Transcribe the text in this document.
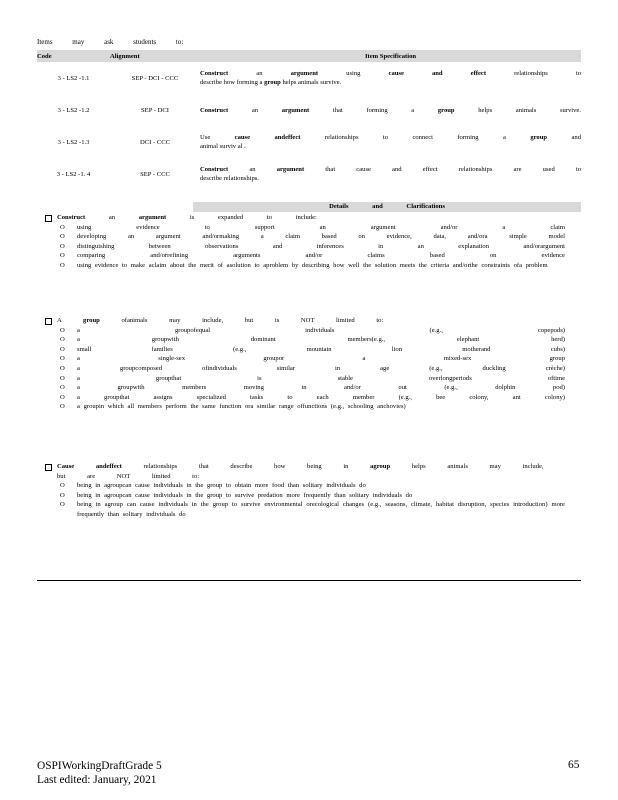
Items may ask students to:
Code	Alignment	Item Specification
3 - LS2 -1.1	SEP - DCI - CCC	Construct an argument using cause and effect relationships to
describe how forming a group helps animals survive.
3 - LS2 -1.2	SEP - DCI	Construct an argument that forming a group helps animals survive.

3 - LS2 -1.3	DCI - CCC	Use cause andeffect relationships to connect forming a group and
animal surviv al .
3 - LS2 -1. 4	SEP - CCC	Construct an argument that cause and effect relationships are used to
describe relationships.
Details and Clarifications
Construct an argument is expanded to include:
O using evidence to support an argument and/or a claim
O developing an argument and/ormaking a claim based on evidence, data, and/ora simple model
O distinguishing between observations and inferences in an explanation and/orargument
O comparing and/orrefining arguments and/or claims based on evidence
O using evidence to make aclaim about the merit of asolution to aproblem by describing how well the solution meets the criteria and/orthe constraints ofa problem
A group ofanimals may include, but is NOT limited to:
O a groupofequal individuals (e.g., copepods)
O a groupwith dominant members(e.g., elephant herd)
O small families (e.g., mountain lion motherand cubs)
O a single-sex groupor a mixed-sex group
O a groupcomposed ofindividuals similar in age (e.g., duckling crèche)
O a groupthat is stable overlongperiods oftime
O a groupwith members moving in and/or out (e.g., dolphin pod)
O a groupthat assigns specialized tasks to each member (e.g., bee colony, ant colony)
O a groupin which all members perform the same function ora similar range offunctions (e.g., schooling anchovies)
Cause andeffect relationships that describe how being in agroup helps animals may include, but are NOT limited to:
O being in agroupcan cause individuals in the group to obtain more food than solitary individuals do
O being in agroupcan cause individuals in the group to survive predation more frequently than solitary individuals do
O being in agroup can cause individuals in the group to survive environmental orecological changes (e.g., seasons, climate, habitat disruption, species introduction) more frequently than solitary individuals do
OSPIWorkingDraftGrade 5
Last edited: January, 2021
65
